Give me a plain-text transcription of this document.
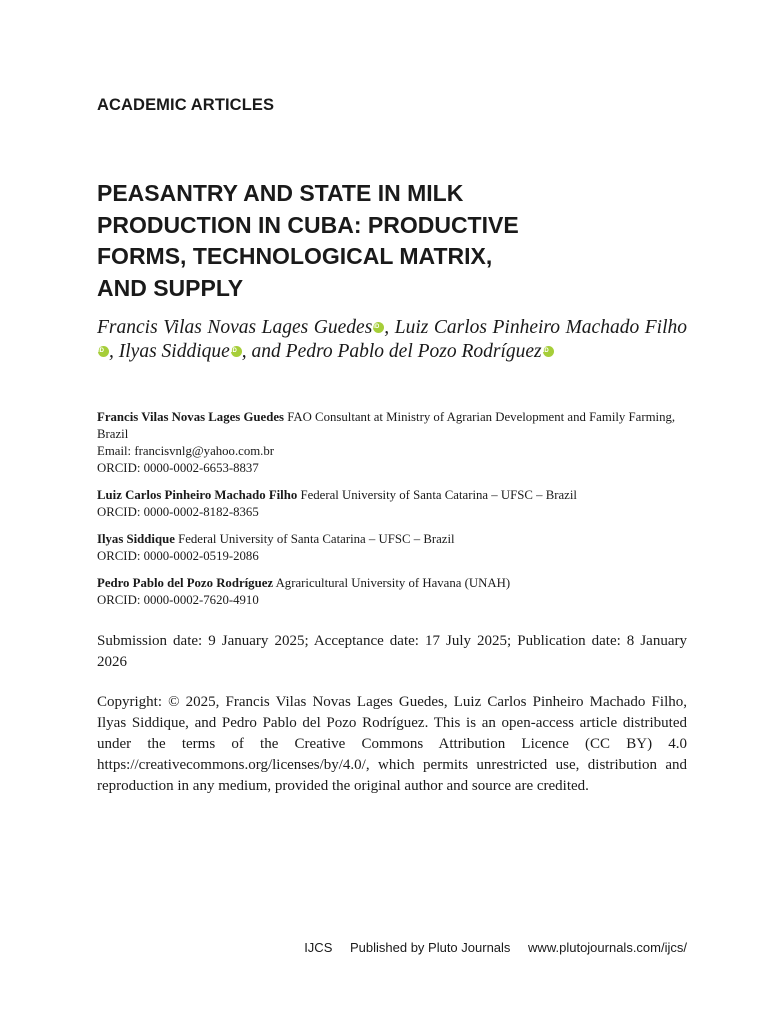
ACADEMIC ARTICLES
PEASANTRY AND STATE IN MILK
PRODUCTION IN CUBA: PRODUCTIVE
FORMS, TECHNOLOGICAL MATRIX,
AND SUPPLY
Francis Vilas Novas Lages GuedesiD , Luiz Carlos Pinheiro Machado FilhoiD , Ilyas SiddiqueiD , and Pedro Pablo del Pozo RodrígueziD
Francis Vilas Novas Lages Guedes FAO Consultant at Ministry of Agrarian Development and Family Farming, Brazil
Email: francisvnlg@yahoo.com.br
ORCID: 0000-0002-6653-8837
Luiz Carlos Pinheiro Machado Filho Federal University of Santa Catarina – UFSC – Brazil
ORCID: 0000-0002-8182-8365
Ilyas Siddique Federal University of Santa Catarina – UFSC – Brazil
ORCID: 0000-0002-0519-2086
Pedro Pablo del Pozo Rodríguez Agraricultural University of Havana (UNAH)
ORCID: 0000-0002-7620-4910
Submission date: 9 January 2025; Acceptance date: 17 July 2025; Publication date: 8 January 2026
Copyright: © 2025, Francis Vilas Novas Lages Guedes, Luiz Carlos Pinheiro Machado Filho, Ilyas Siddique, and Pedro Pablo del Pozo Rodríguez. This is an open-access article distributed under the terms of the Creative Commons Attribution Licence (CC BY) 4.0 https://creativecommons.org/licenses/by/4.0/, which permits unrestricted use, distribution and reproduction in any medium, provided the original author and source are credited.
IJCS Published by Pluto Journals www.plutojournals.com/ijcs/
